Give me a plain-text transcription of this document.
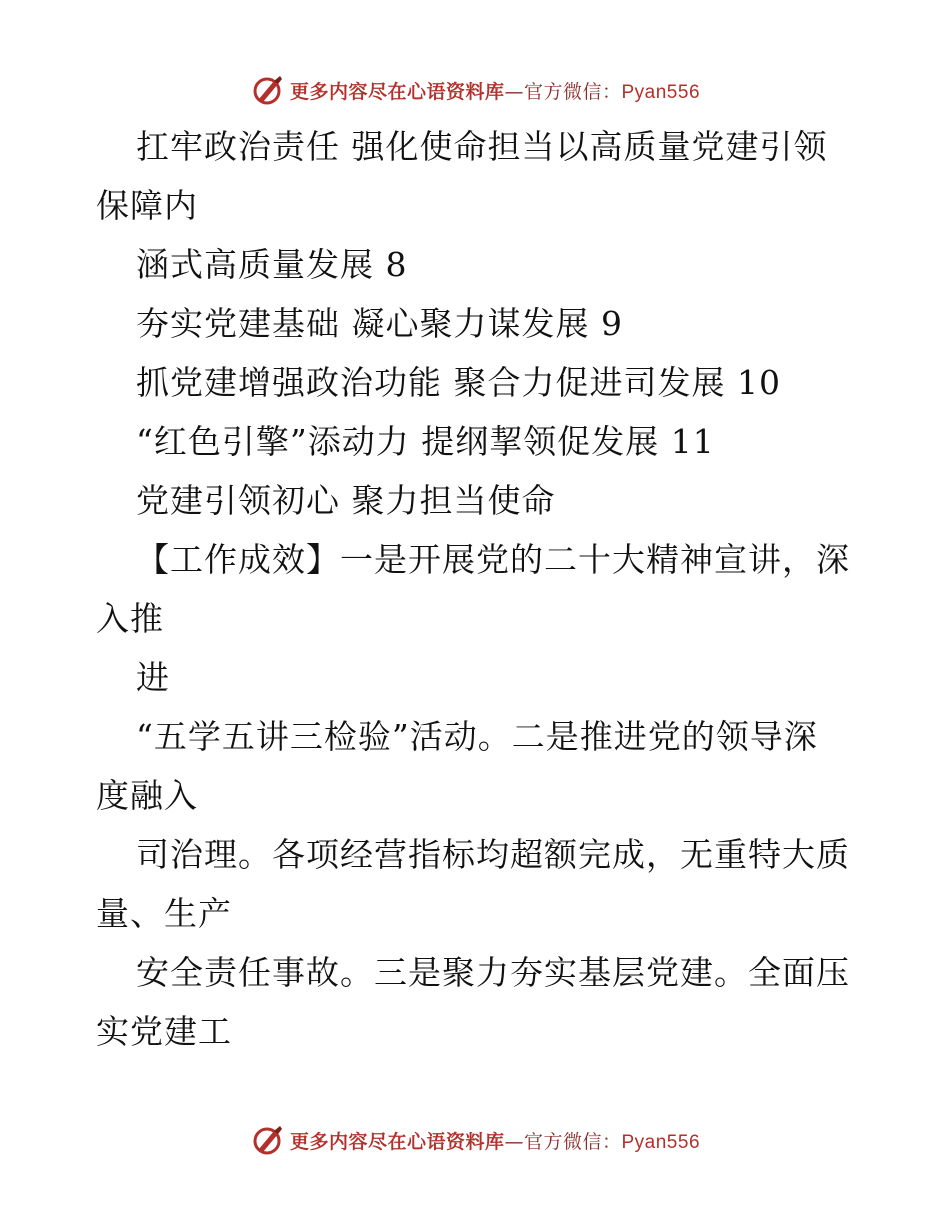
更多内容尽在心语资料库—官方微信：Pyan556
扛牢政治责任 强化使命担当以高质量党建引领
保障内
涵式高质量发展 8
夯实党建基础 凝心聚力谋发展 9
抓党建增强政治功能 聚合力促进司发展 10
“红色引擎”添动力 提纲挈领促发展 11
党建引领初心 聚力担当使命
【工作成效】一是开展党的二十大精神宣讲，深
入推
进
“五学五讲三检验”活动。二是推进党的领导深
度融入
司治理。各项经营指标均超额完成，无重特大质
量、生产
安全责任事故。三是聚力夯实基层党建。全面压
实党建工
更多内容尽在心语资料库—官方微信：Pyan556
